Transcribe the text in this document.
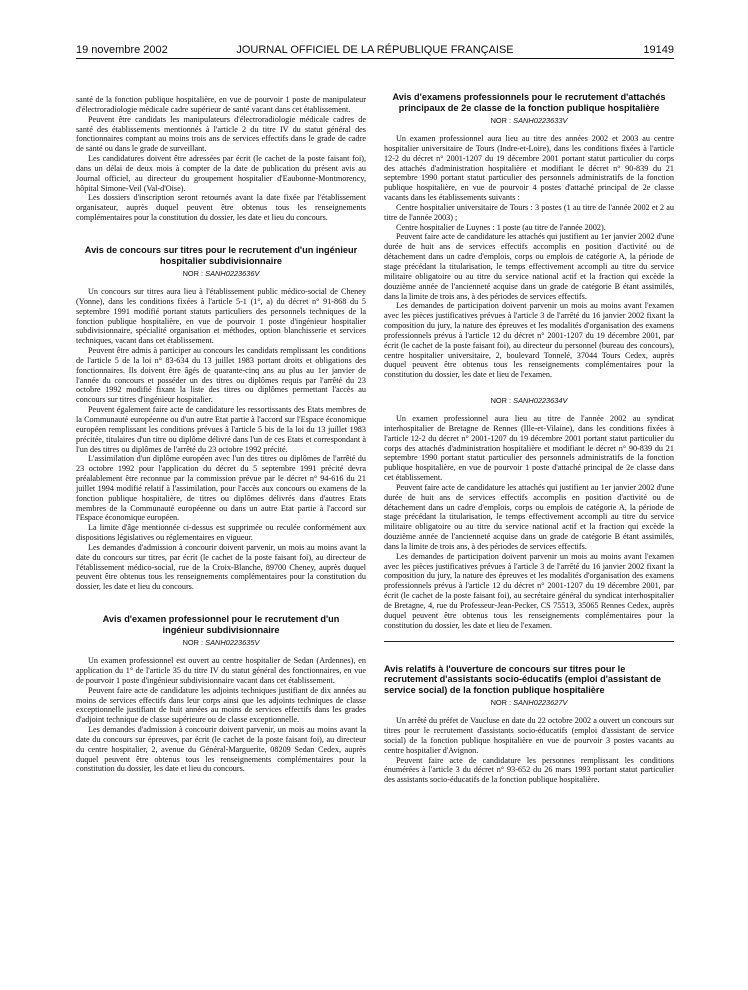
19 novembre 2002	JOURNAL OFFICIEL DE LA RÉPUBLIQUE FRANÇAISE	19149

santé de la fonction publique hospitalière, en vue de pourvoir 1 poste de manipulateur d'électroradiologie médicale cadre supérieur de santé vacant dans cet établissement.

Peuvent être candidats les manipulateurs d'électroradiologie médicale cadres de santé des établissements mentionnés à l'article 2 du titre IV du statut général des fonctionnaires comptant au moins trois ans de services effectifs dans le grade de cadre de santé ou dans le grade de surveillant.

Les candidatures doivent être adressées par écrit (le cachet de la poste faisant foi), dans un délai de deux mois à compter de la date de publication du présent avis au Journal officiel, au directeur du groupement hospitalier d'Eaubonne-Montmorency, hôpital Simone-Veil (Val-d'Oise).

Les dossiers d'inscription seront retournés avant la date fixée par l'établissement organisateur, auprès duquel peuvent être obtenus tous les renseignements complémentaires pour la constitution du dossier, les date et lieu du concours.

Avis de concours sur titres pour le recrutement d'un ingénieur hospitalier subdivisionnaire
NOR : SANH0223636V

Un concours sur titres aura lieu à l'établissement public médico-social de Cheney (Yonne), dans les conditions fixées à l'article 5-1 (1°, a) du décret n° 91-868 du 5 septembre 1991 modifié portant statuts particuliers des personnels techniques de la fonction publique hospitalière, en vue de pourvoir 1 poste d'ingénieur hospitalier subdivisionnaire, spécialité organisation et méthodes, option blanchisserie et services techniques, vacant dans cet établissement.

Peuvent être admis à participer au concours les candidats remplissant les conditions de l'article 5 de la loi n° 83-634 du 13 juillet 1983 portant droits et obligations des fonctionnaires. Ils doivent être âgés de quarante-cinq ans au plus au 1er janvier de l'année du concours et posséder un des titres ou diplômes requis par l'arrêté du 23 octobre 1992 modifié fixant la liste des titres ou diplômes permettant l'accès au concours sur titres d'ingénieur hospitalier.

Peuvent également faire acte de candidature les ressortissants des Etats membres de la Communauté européenne ou d'un autre Etat partie à l'accord sur l'Espace économique européen remplissant les conditions prévues à l'article 5 bis de la loi du 13 juillet 1983 précitée, titulaires d'un titre ou diplôme délivré dans l'un de ces Etats et correspondant à l'un des titres ou diplômes de l'arrêté du 23 octobre 1992 précité.

L'assimilation d'un diplôme européen avec l'un des titres ou diplômes de l'arrêté du 23 octobre 1992 pour l'application du décret du 5 septembre 1991 précité devra préalablement être reconnue par la commission prévue par le décret n° 94-616 du 21 juillet 1994 modifié relatif à l'assimilation, pour l'accès aux concours ou examens de la fonction publique hospitalière, de titres ou diplômes délivrés dans d'autres Etats membres de la Communauté européenne ou dans un autre Etat partie à l'accord sur l'Espace économique européen.

La limite d'âge mentionnée ci-dessus est supprimée ou reculée conformément aux dispositions législatives ou réglementaires en vigueur.

Les demandes d'admission à concourir doivent parvenir, un mois au moins avant la date du concours sur titres, par écrit (le cachet de la poste faisant foi), au directeur de l'établissement médico-social, rue de la Croix-Blanche, 89700 Cheney, auprès duquel peuvent être obtenus tous les renseignements complémentaires pour la constitution du dossier, les date et lieu du concours.

Avis d'examen professionnel pour le recrutement d'un ingénieur subdivisionnaire
NOR : SANH0223635V

Un examen professionnel est ouvert au centre hospitalier de Sedan (Ardennes), en application du 1° de l'article 35 du titre IV du statut général des fonctionnaires, en vue de pourvoir 1 poste d'ingénieur subdivisionnaire vacant dans cet établissement.

Peuvent faire acte de candidature les adjoints techniques justifiant de dix années au moins de services effectifs dans leur corps ainsi que les adjoints techniques de classe exceptionnelle justifiant de huit années au moins de services effectifs dans les grades d'adjoint technique de classe supérieure ou de classe exceptionnelle.

Les demandes d'admission à concourir doivent parvenir, un mois au moins avant la date du concours sur épreuves, par écrit (le cachet de la poste faisant foi), au directeur du centre hospitalier, 2, avenue du Général-Marguerite, 08209 Sedan Cedex, auprès duquel peuvent être obtenus tous les renseignements complémentaires pour la constitution du dossier, les date et lieu du concours.

Avis d'examens professionnels pour le recrutement d'attachés principaux de 2e classe de la fonction publique hospitalière
NOR : SANH0223633V

Un examen professionnel aura lieu au titre des années 2002 et 2003 au centre hospitalier universitaire de Tours (Indre-et-Loire), dans les conditions fixées à l'article 12-2 du décret n° 2001-1207 du 19 décembre 2001 portant statut particulier du corps des attachés d'administration hospitalière et modifiant le décret n° 90-839 du 21 septembre 1990 portant statut particulier des personnels administratifs de la fonction publique hospitalière, en vue de pourvoir 4 postes d'attaché principal de 2e classe vacants dans les établissements suivants :

Centre hospitalier universitaire de Tours : 3 postes (1 au titre de l'année 2002 et 2 au titre de l'année 2003) ;

Centre hospitalier de Luynes : 1 poste (au titre de l'année 2002).

Peuvent faire acte de candidature les attachés qui justifient au 1er janvier 2002 d'une durée de huit ans de services effectifs accomplis en position d'activité ou de détachement dans un cadre d'emplois, corps ou emplois de catégorie A, la période de stage précédant la titularisation, le temps effectivement accompli au titre du service militaire obligatoire ou au titre du service national actif et la fraction qui excède la douzième année de l'ancienneté acquise dans un grade de catégorie B étant assimilés, dans la limite de trois ans, à des périodes de services effectifs.

Les demandes de participation doivent parvenir un mois au moins avant l'examen avec les pièces justificatives prévues à l'article 3 de l'arrêté du 16 janvier 2002 fixant la composition du jury, la nature des épreuves et les modalités d'organisation des examens professionnels prévus à l'article 12 du décret n° 2001-1207 du 19 décembre 2001, par écrit (le cachet de la poste faisant foi), au directeur du personnel (bureau des concours), centre hospitalier universitaire, 2, boulevard Tonnelé, 37044 Tours Cedex, auprès duquel peuvent être obtenus tous les renseignements complémentaires pour la constitution du dossier, les date et lieu de l'examen.

NOR : SANH0223634V

Un examen professionnel aura lieu au titre de l'année 2002 au syndicat interhospitalier de Bretagne de Rennes (Ille-et-Vilaine), dans les conditions fixées à l'article 12-2 du décret n° 2001-1207 du 19 décembre 2001 portant statut particulier du corps des attachés d'administration hospitalière et modifiant le décret n° 90-839 du 21 septembre 1990 portant statut particulier des personnels administratifs de la fonction publique hospitalière, en vue de pourvoir 1 poste d'attaché principal de 2e classe dans cet établissement.

Peuvent faire acte de candidature les attachés qui justifient au 1er janvier 2002 d'une durée de huit ans de services effectifs accomplis en position d'activité ou de détachement dans un cadre d'emplois, corps ou emplois de catégorie A, la période de stage précédant la titularisation, le temps effectivement accompli au titre du service militaire obligatoire ou au titre du service national actif et la fraction qui excède la douzième année de l'ancienneté acquise dans un grade de catégorie B étant assimilés, dans la limite de trois ans, à des périodes de services effectifs.

Les demandes de participation doivent parvenir un mois au moins avant l'examen avec les pièces justificatives prévues à l'article 3 de l'arrêté du 16 janvier 2002 fixant la composition du jury, la nature des épreuves et les modalités d'organisation des examens professionnels prévus à l'article 12 du décret n° 2001-1207 du 19 décembre 2001, par écrit (le cachet de la poste faisant foi), au secrétaire général du syndicat interhospitalier de Bretagne, 4, rue du Professeur-Jean-Pecker, CS 75513, 35065 Rennes Cedex, auprès duquel peuvent être obtenus tous les renseignements complémentaires pour la constitution du dossier, les date et lieu de l'examen.

Avis relatifs à l'ouverture de concours sur titres pour le recrutement d'assistants socio-éducatifs (emploi d'assistant de service social) de la fonction publique hospitalière
NOR : SANH0223627V

Un arrêté du préfet de Vaucluse en date du 22 octobre 2002 a ouvert un concours sur titres pour le recrutement d'assistants socio-éducatifs (emploi d'assistant de service social) de la fonction publique hospitalière en vue de pourvoir 3 postes vacants au centre hospitalier d'Avignon.

Peuvent faire acte de candidature les personnes remplissant les conditions énumérées à l'article 3 du décret n° 93-652 du 26 mars 1993 portant statut particulier des assistants socio-éducatifs de la fonction publique hospitalière.
